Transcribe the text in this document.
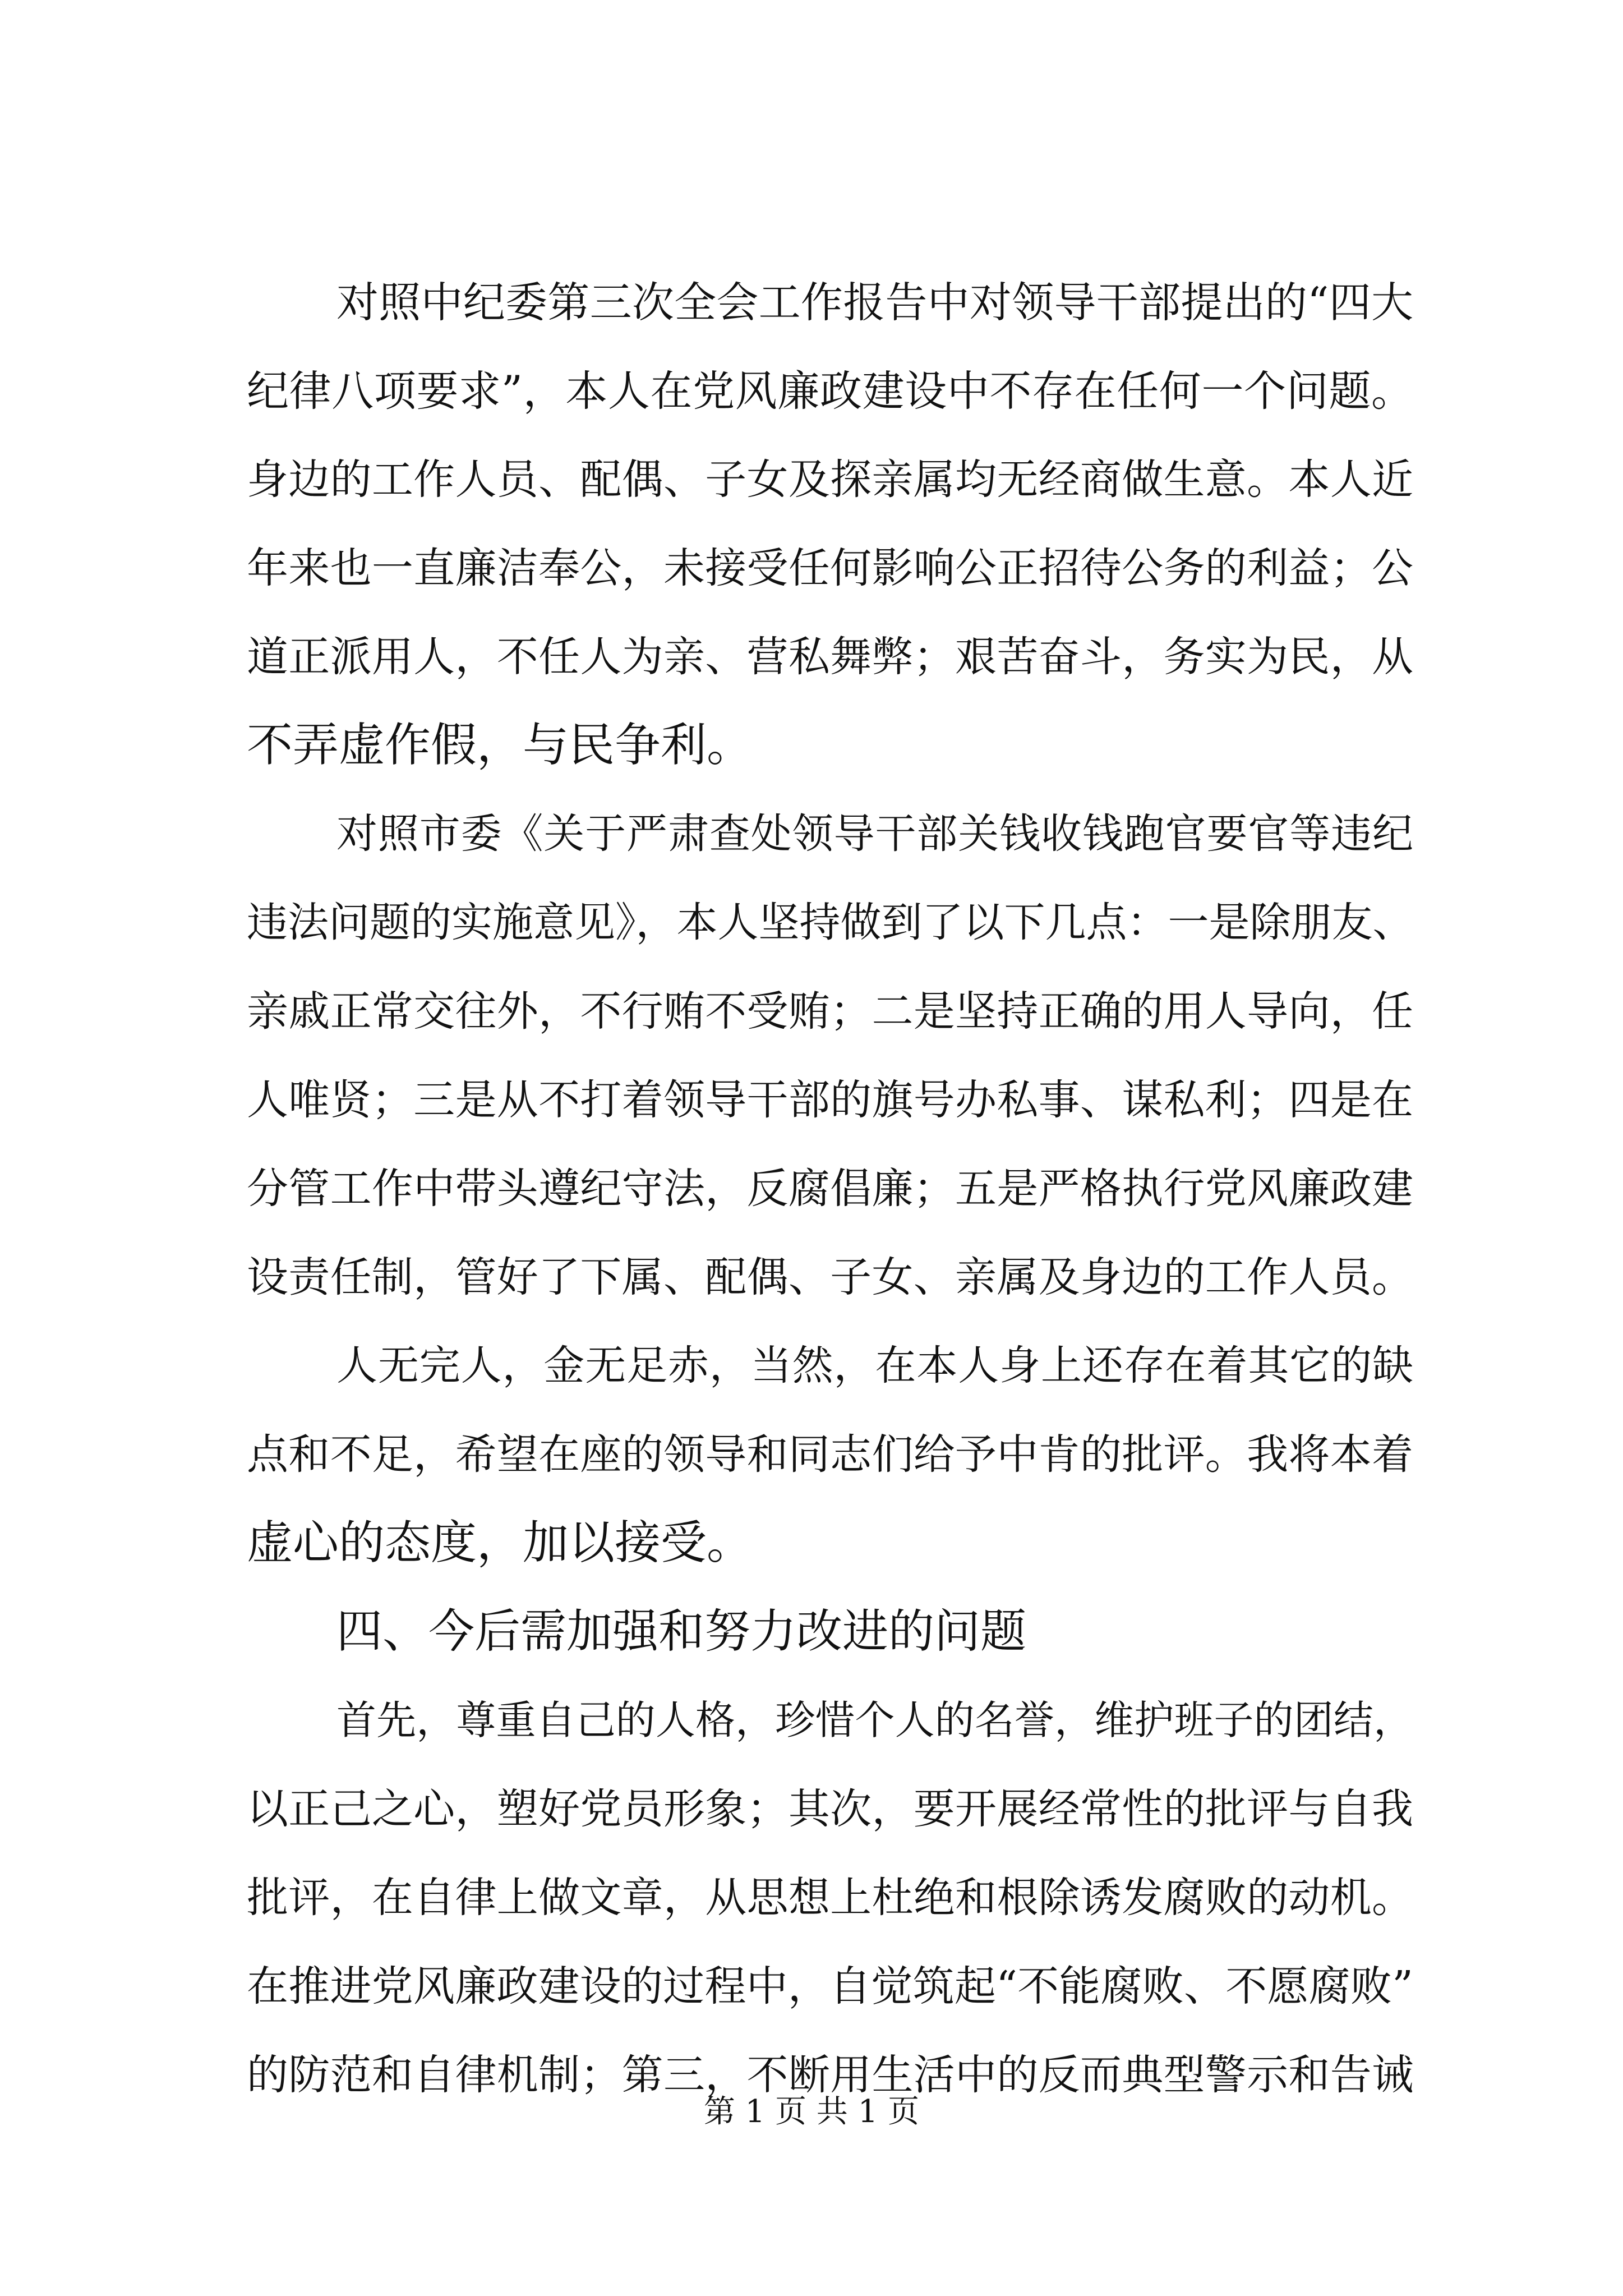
对照中纪委第三次全会工作报告中对领导干部提出的“四大
纪律八项要求”，本人在党风廉政建设中不存在任何一个问题。
身边的工作人员、配偶、子女及探亲属均无经商做生意。本人近
年来也一直廉洁奉公，未接受任何影响公正招待公务的利益；公
道正派用人，不任人为亲、营私舞弊；艰苦奋斗，务实为民，从
不弄虚作假，与民争利。
对照市委《关于严肃查处领导干部关钱收钱跑官要官等违纪
违法问题的实施意见》，本人坚持做到了以下几点：一是除朋友、
亲戚正常交往外，不行贿不受贿；二是坚持正确的用人导向，任
人唯贤；三是从不打着领导干部的旗号办私事、谋私利；四是在
分管工作中带头遵纪守法，反腐倡廉；五是严格执行党风廉政建
设责任制，管好了下属、配偶、子女、亲属及身边的工作人员。
人无完人，金无足赤，当然，在本人身上还存在着其它的缺
点和不足，希望在座的领导和同志们给予中肯的批评。我将本着
虚心的态度，加以接受。
四、今后需加强和努力改进的问题
首先，尊重自己的人格，珍惜个人的名誉，维护班子的团结，
以正己之心，塑好党员形象；其次，要开展经常性的批评与自我
批评，在自律上做文章，从思想上杜绝和根除诱发腐败的动机。
在推进党风廉政建设的过程中，自觉筑起“不能腐败、不愿腐败”
的防范和自律机制；第三，不断用生活中的反而典型警示和告诫
第 1 页 共 1 页
